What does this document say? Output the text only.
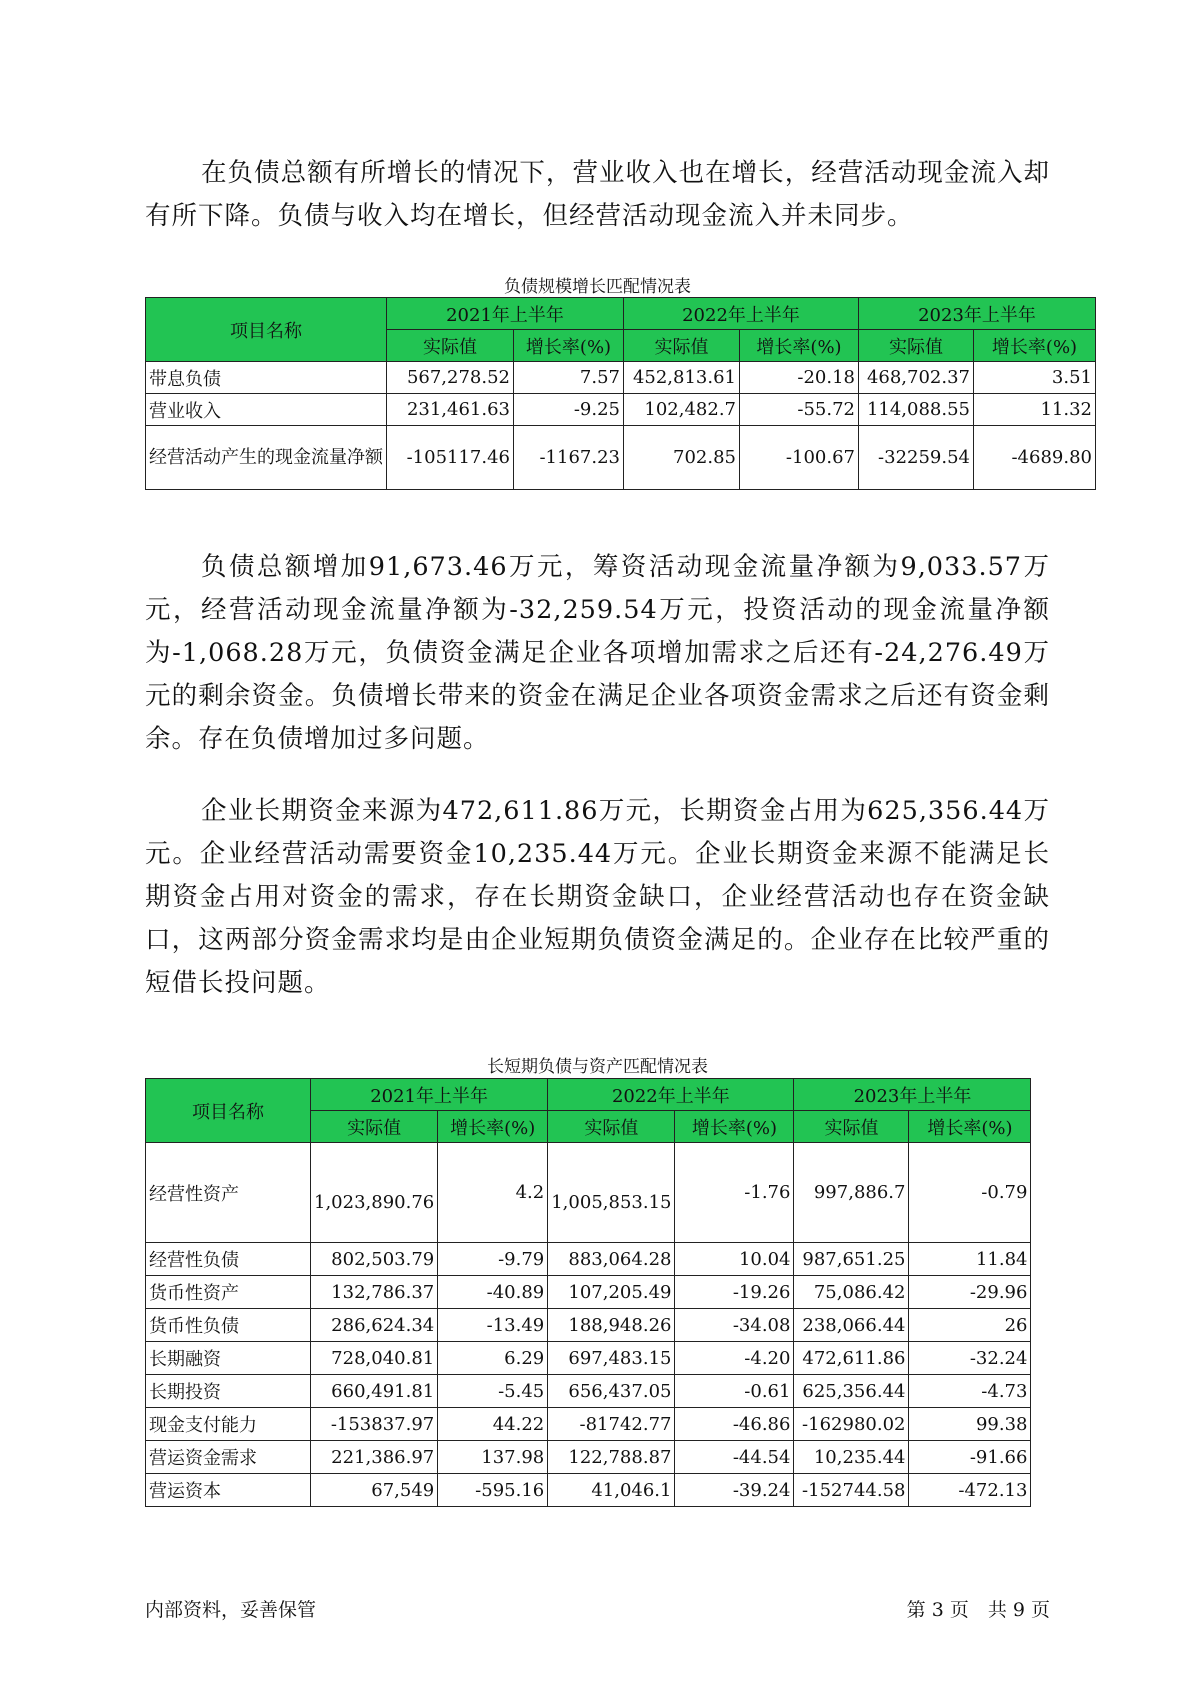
在负债总额有所增长的情况下，营业收入也在增长，经营活动现金流入却有所下降。负债与收入均在增长，但经营活动现金流入并未同步。

负债规模增长匹配情况表

项目名称	2021年上半年		2022年上半年		2023年上半年	
	实际值	增长率(%)	实际值	增长率(%)	实际值	增长率(%)
带息负债	567,278.52	7.57	452,813.61	-20.18	468,702.37	3.51
营业收入	231,461.63	-9.25	102,482.7	-55.72	114,088.55	11.32
经营活动产生的现金流量净额	-105117.46	-1167.23	702.85	-100.67	-32259.54	-4689.80

负债总额增加91,673.46万元，筹资活动现金流量净额为9,033.57万元，经营活动现金流量净额为-32,259.54万元，投资活动的现金流量净额为-1,068.28万元，负债资金满足企业各项增加需求之后还有-24,276.49万元的剩余资金。负债增长带来的资金在满足企业各项资金需求之后还有资金剩余。存在负债增加过多问题。

企业长期资金来源为472,611.86万元，长期资金占用为625,356.44万元。企业经营活动需要资金10,235.44万元。企业长期资金来源不能满足长期资金占用对资金的需求，存在长期资金缺口，企业经营活动也存在资金缺口，这两部分资金需求均是由企业短期负债资金满足的。企业存在比较严重的短借长投问题。

长短期负债与资产匹配情况表

项目名称	2021年上半年		2022年上半年		2023年上半年	
	实际值	增长率(%)	实际值	增长率(%)	实际值	增长率(%)
经营性资产	1,023,890.76	4.2	1,005,853.15	-1.76	997,886.7	-0.79
经营性负债	802,503.79	-9.79	883,064.28	10.04	987,651.25	11.84
货币性资产	132,786.37	-40.89	107,205.49	-19.26	75,086.42	-29.96
货币性负债	286,624.34	-13.49	188,948.26	-34.08	238,066.44	26
长期融资	728,040.81	6.29	697,483.15	-4.20	472,611.86	-32.24
长期投资	660,491.81	-5.45	656,437.05	-0.61	625,356.44	-4.73
现金支付能力	-153837.97	44.22	-81742.77	-46.86	-162980.02	99.38
营运资金需求	221,386.97	137.98	122,788.87	-44.54	10,235.44	-91.66
营运资本	67,549	-595.16	41,046.1	-39.24	-152744.58	-472.13
内部资料，妥善保管	第 3 页　共 9 页
